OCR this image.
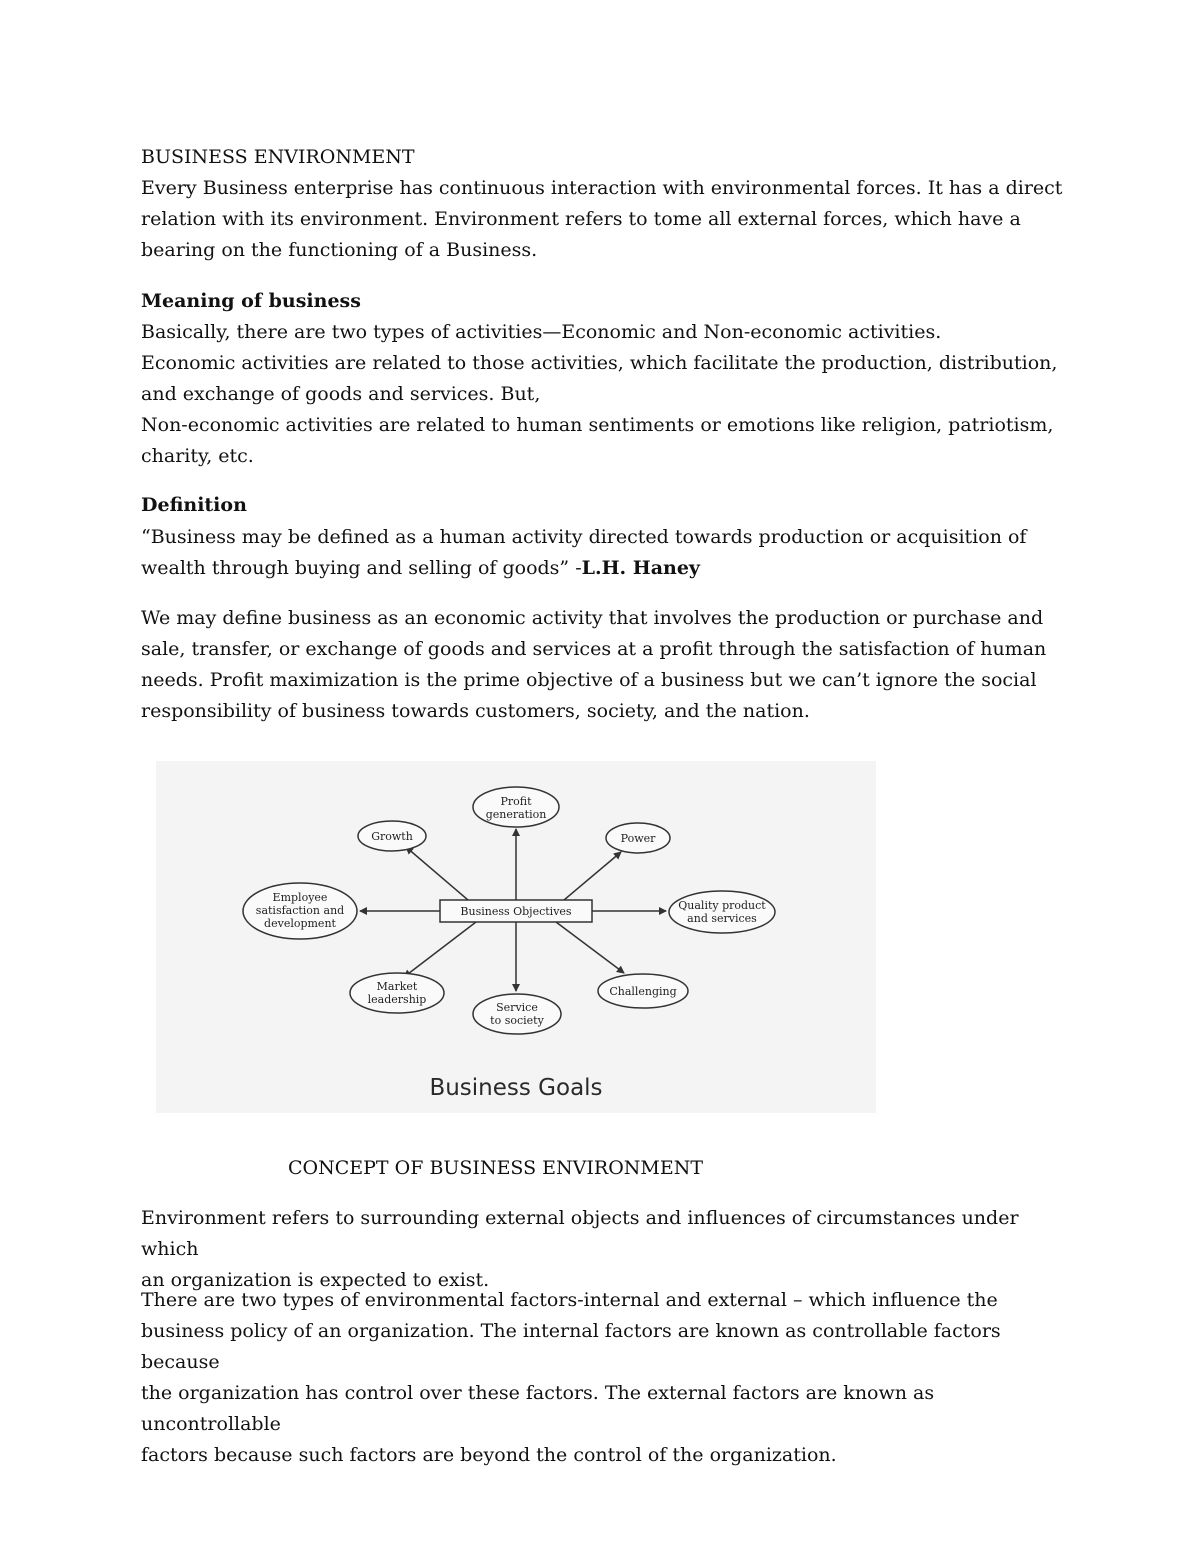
BUSINESS ENVIRONMENT

Every Business enterprise has continuous interaction with environmental forces. It has a direct

relation with its environment. Environment refers to tome all external forces, which have a

bearing on the functioning of a Business.

Meaning of business

Basically, there are two types of activities—Economic and Non-economic activities.

Economic activities are related to those activities, which facilitate the production, distribution,

and exchange of goods and services. But,

Non-economic activities are related to human sentiments or emotions like religion, patriotism,

charity, etc.

Definition

“Business may be defined as a human activity directed towards production or acquisition of

wealth through buying and selling of goods” -L.H. Haney

We may define business as an economic activity that involves the production or purchase and

sale, transfer, or exchange of goods and services at a profit through the satisfaction of human

needs. Profit maximization is the prime objective of a business but we can’t ignore the social

responsibility of business towards customers, society, and the nation.

Business Objectives
Profit
generation
Growth	Power
Employee
satisfaction and
development
Quality product
and services
Market
leadership
Service
to society
Challenging
Business Goals
CONCEPT OF BUSINESS ENVIRONMENT

Environment refers to surrounding external objects and influences of circumstances under which

an organization is expected to exist.

There are two types of environmental factors-internal and external – which influence the

business policy of an organization. The internal factors are known as controllable factors because

the organization has control over these factors. The external factors are known as uncontrollable

factors because such factors are beyond the control of the organization.
